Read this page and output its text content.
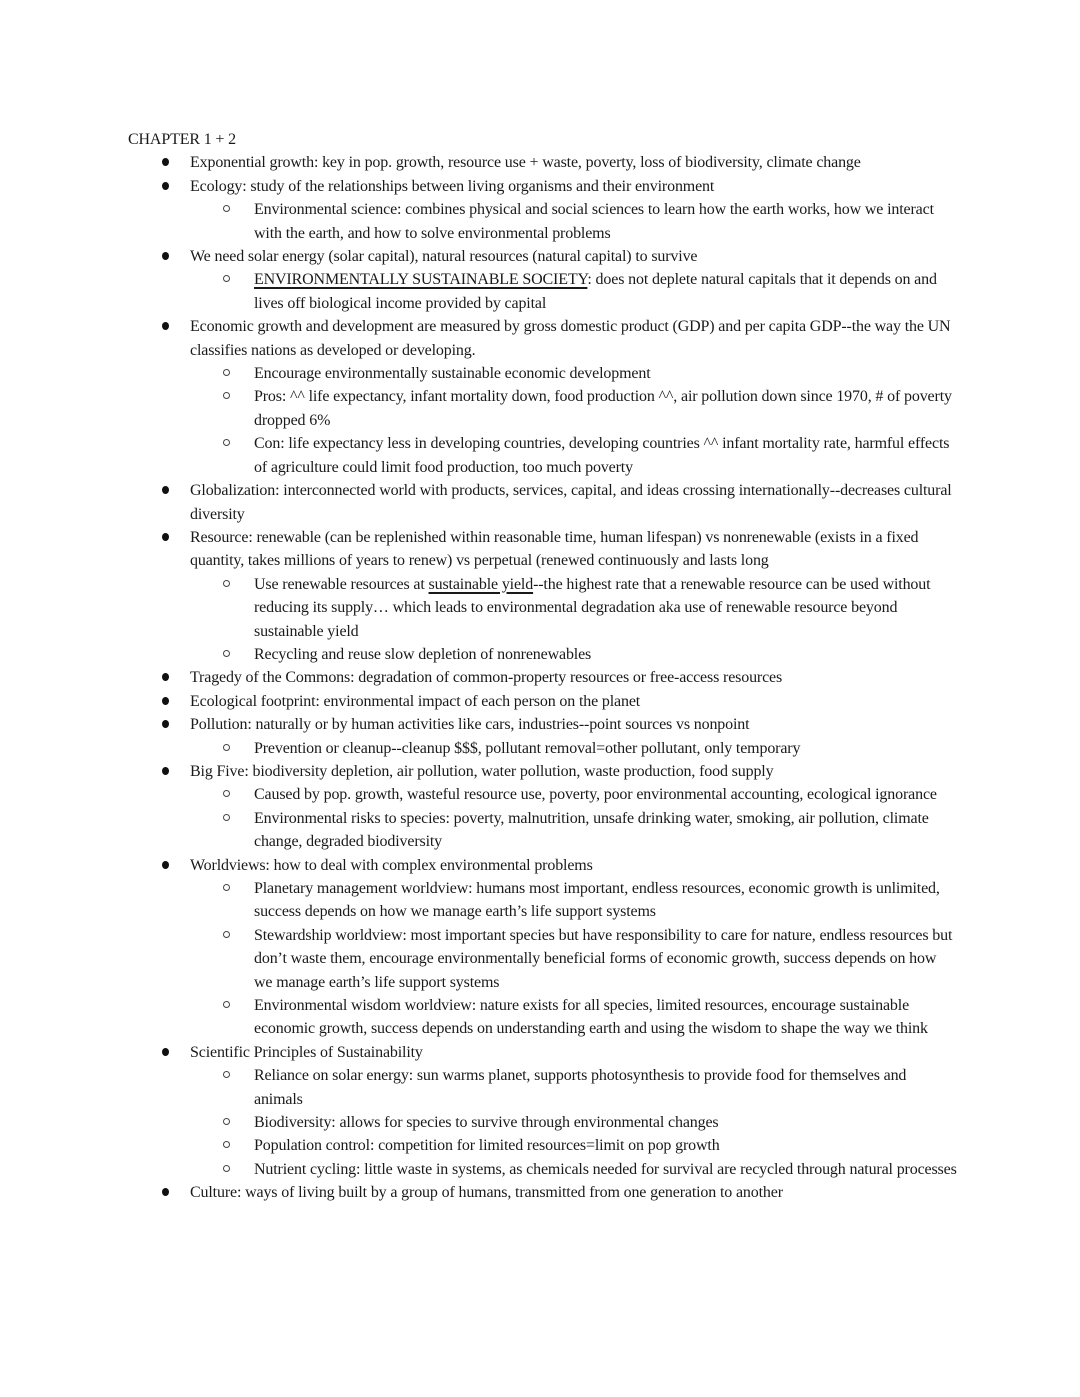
CHAPTER 1 + 2

Exponential growth: key in pop. growth, resource use + waste, poverty, loss of biodiversity, climate change
Ecology: study of the relationships between living organisms and their environment
Environmental science: combines physical and social sciences to learn how the earth works, how we interact with the earth, and how to solve environmental problems
We need solar energy (solar capital), natural resources (natural capital) to survive
ENVIRONMENTALLY SUSTAINABLE SOCIETY: does not deplete natural capitals that it depends on and lives off biological income provided by capital
Economic growth and development are measured by gross domestic product (GDP) and per capita GDP--the way the UN classifies nations as developed or developing.
Encourage environmentally sustainable economic development
Pros: ^^ life expectancy, infant mortality down, food production ^^, air pollution down since 1970, # of poverty dropped 6%
Con: life expectancy less in developing countries, developing countries ^^ infant mortality rate, harmful effects of agriculture could limit food production, too much poverty
Globalization: interconnected world with products, services, capital, and ideas crossing internationally--decreases cultural diversity
Resource: renewable (can be replenished within reasonable time, human lifespan) vs nonrenewable (exists in a fixed quantity, takes millions of years to renew) vs perpetual (renewed continuously and lasts long
Use renewable resources at sustainable yield--the highest rate that a renewable resource can be used without reducing its supply… which leads to environmental degradation aka use of renewable resource beyond sustainable yield
Recycling and reuse slow depletion of nonrenewables
Tragedy of the Commons: degradation of common-property resources or free-access resources
Ecological footprint: environmental impact of each person on the planet
Pollution: naturally or by human activities like cars, industries--point sources vs nonpoint
Prevention or cleanup--cleanup $$$, pollutant removal=other pollutant, only temporary
Big Five: biodiversity depletion, air pollution, water pollution, waste production, food supply
Caused by pop. growth, wasteful resource use, poverty, poor environmental accounting, ecological ignorance
Environmental risks to species: poverty, malnutrition, unsafe drinking water, smoking, air pollution, climate change, degraded biodiversity
Worldviews: how to deal with complex environmental problems
Planetary management worldview: humans most important, endless resources, economic growth is unlimited, success depends on how we manage earth’s life support systems
Stewardship worldview: most important species but have responsibility to care for nature, endless resources but don’t waste them, encourage environmentally beneficial forms of economic growth, success depends on how we manage earth’s life support systems
Environmental wisdom worldview: nature exists for all species, limited resources, encourage sustainable economic growth, success depends on understanding earth and using the wisdom to shape the way we think
Scientific Principles of Sustainability
Reliance on solar energy: sun warms planet, supports photosynthesis to provide food for themselves and animals
Biodiversity: allows for species to survive through environmental changes
Population control: competition for limited resources=limit on pop growth
Nutrient cycling: little waste in systems, as chemicals needed for survival are recycled through natural processes
Culture: ways of living built by a group of humans, transmitted from one generation to another
